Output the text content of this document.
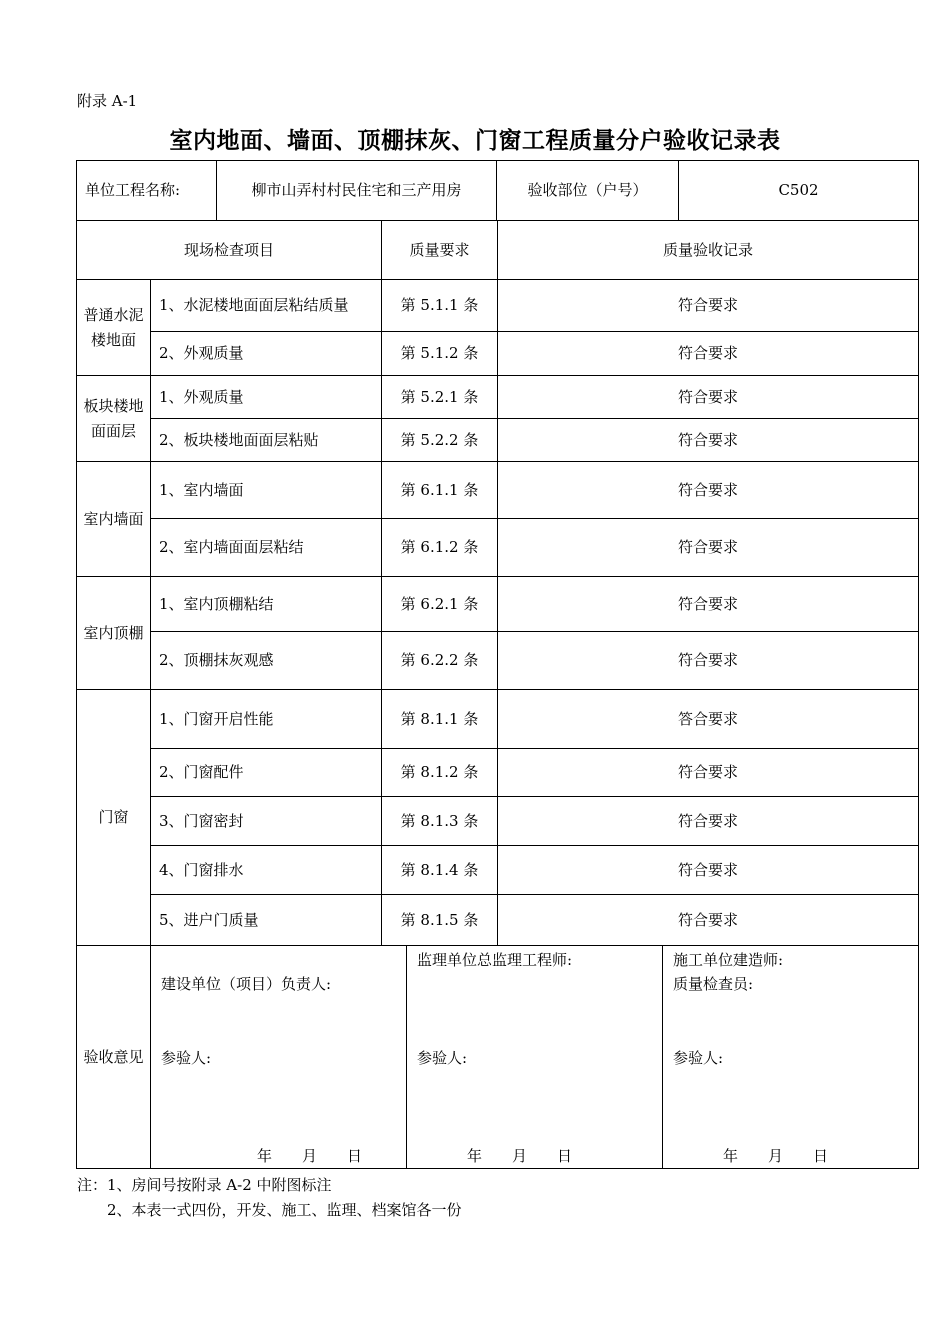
附录 A-1
室内地面、墙面、顶棚抹灰、门窗工程质量分户验收记录表
单位工程名称:	柳市山弄村村民住宅和三产用房	验收部位（户号）	C502
现场检查项目		质量要求	质量验收记录
普通水泥楼地面	1、水泥楼地面面层粘结质量	第 5.1.1 条	符合要求
	2、外观质量	第 5.1.2 条	符合要求
板块楼地面面层	1、外观质量	第 5.2.1 条	符合要求
	2、板块楼地面面层粘贴	第 5.2.2 条	符合要求
室内墙面	1、室内墙面	第 6.1.1 条	符合要求
	2、室内墙面面层粘结	第 6.1.2 条	符合要求
室内顶棚	1、室内顶棚粘结	第 6.2.1 条	符合要求
	2、顶棚抹灰观感	第 6.2.2 条	符合要求
门窗	1、门窗开启性能	第 8.1.1 条	答合要求
	2、门窗配件	第 8.1.2 条	符合要求
	3、门窗密封	第 8.1.3 条	符合要求
	4、门窗排水	第 8.1.4 条	符合要求
	5、进户门质量	第 8.1.5 条	符合要求
验收意见	
建设单位（项目）负责人:
参验人:
年　　月　　日

监理单位总监理工程师:
参验人:
年　　月　　日

施工单位建造师:
质量检查员:
参验人:
年　　月　　日
注：1、房间号按附录 A-2 中附图标注
2、本表一式四份，开发、施工、监理、档案馆各一份
